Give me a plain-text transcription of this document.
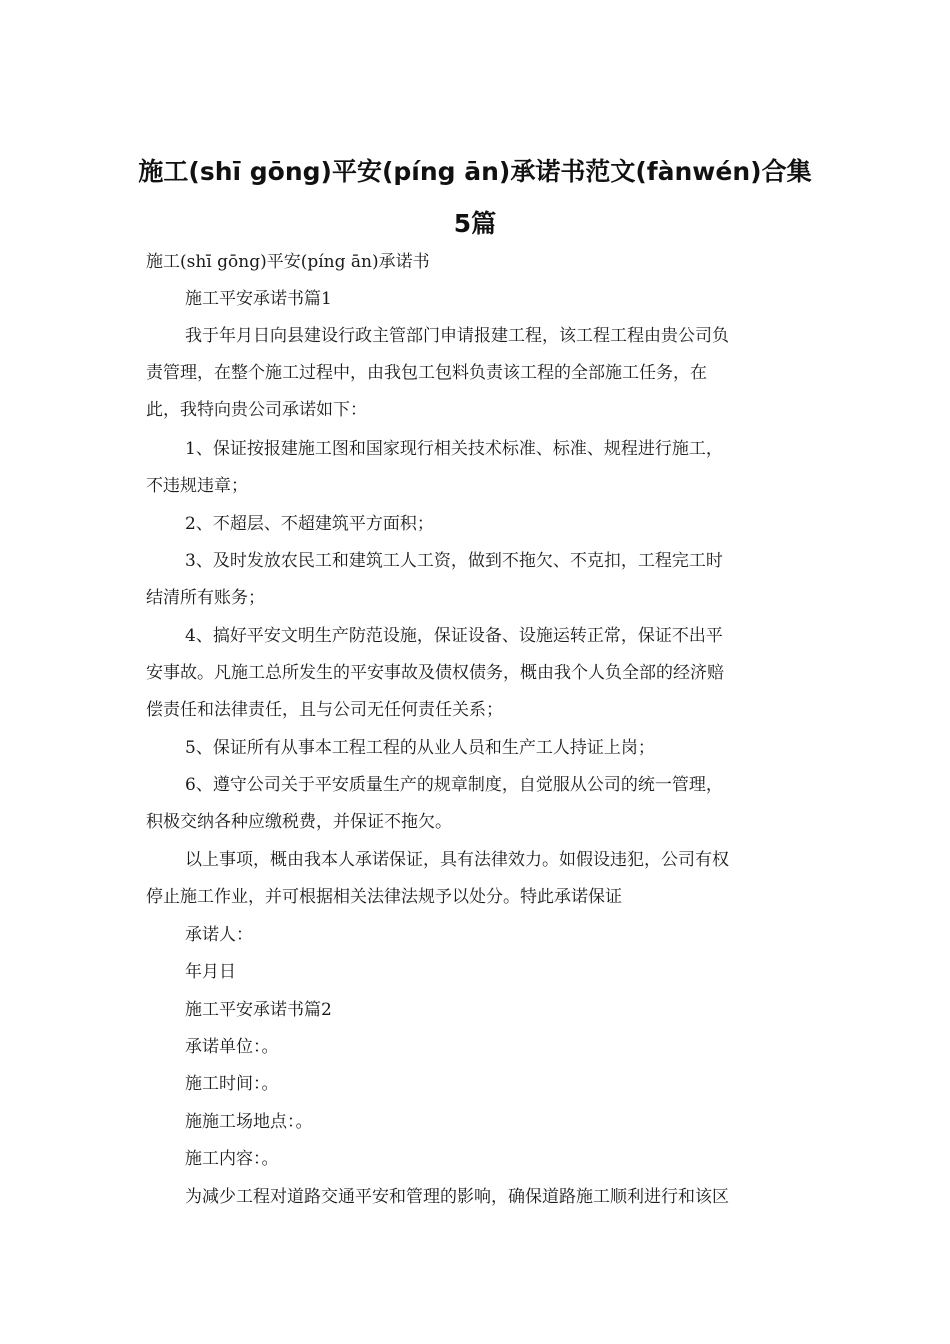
施工(shī gōng)平安(píng ān)承诺书范文(fànwén)合集
5篇

施工(shī gōng)平安(píng ān)承诺书

施工平安承诺书篇1

我于年月日向县建设行政主管部门申请报建工程，该工程工程由贵公司负

责管理，在整个施工过程中，由我包工包料负责该工程的全部施工任务，在

此，我特向贵公司承诺如下：

1、保证按报建施工图和国家现行相关技术标准、标准、规程进行施工，

不违规违章；

2、不超层、不超建筑平方面积；

3、及时发放农民工和建筑工人工资，做到不拖欠、不克扣，工程完工时

结清所有账务；

4、搞好平安文明生产防范设施，保证设备、设施运转正常，保证不出平

安事故。凡施工总所发生的平安事故及债权债务，概由我个人负全部的经济赔

偿责任和法律责任，且与公司无任何责任关系；

5、保证所有从事本工程工程的从业人员和生产工人持证上岗；

6、遵守公司关于平安质量生产的规章制度，自觉服从公司的统一管理，

积极交纳各种应缴税费，并保证不拖欠。

以上事项，概由我本人承诺保证，具有法律效力。如假设违犯，公司有权

停止施工作业，并可根据相关法律法规予以处分。特此承诺保证

承诺人：

年月日

施工平安承诺书篇2

承诺单位：。

施工时间：。

施施工场地点：。

施工内容：。

为减少工程对道路交通平安和管理的影响，确保道路施工顺利进行和该区
